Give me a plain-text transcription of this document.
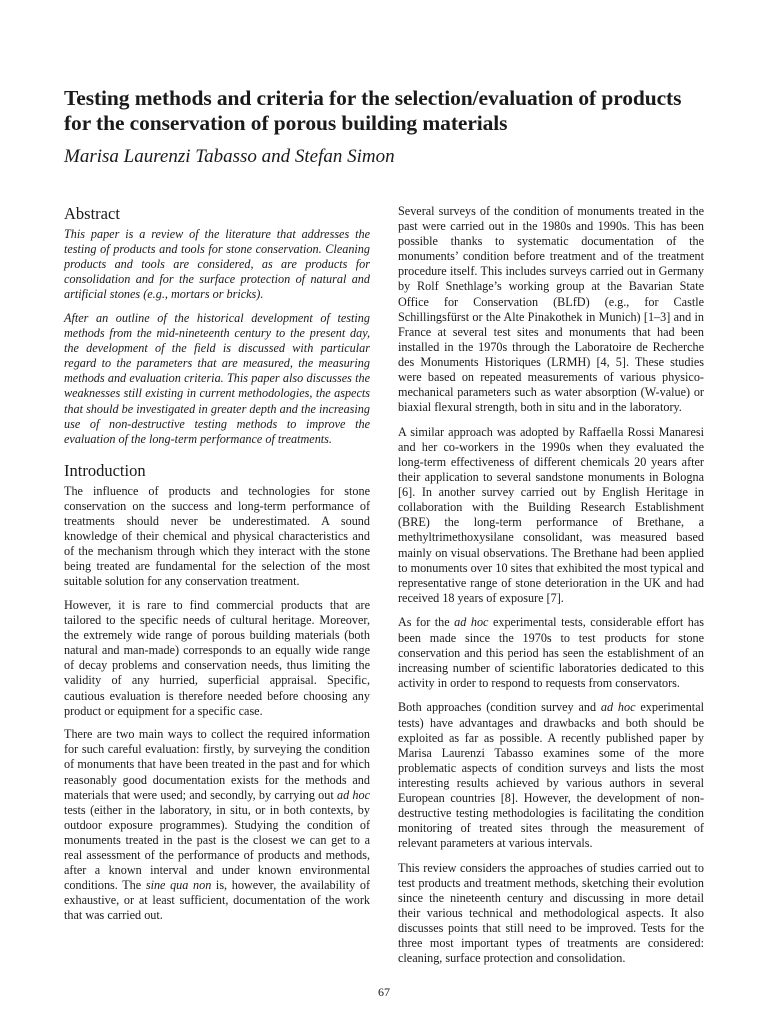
Testing methods and criteria for the selection/evaluation of products for the conservation of porous building materials
Marisa Laurenzi Tabasso and Stefan Simon
Abstract

This paper is a review of the literature that addresses the testing of products and tools for stone conservation. Cleaning products and tools are considered, as are products for consolidation and for the surface protection of natural and artificial stones (e.g., mortars or bricks).

After an outline of the historical development of testing methods from the mid-nineteenth century to the present day, the development of the field is discussed with particular regard to the parameters that are measured, the measuring methods and evaluation criteria. This paper also discusses the weaknesses still existing in current methodologies, the aspects that should be investigated in greater depth and the increasing use of non-destructive testing methods to improve the evaluation of the long-term performance of treatments.

Introduction

The influence of products and technologies for stone conservation on the success and long-term performance of treatments should never be underestimated. A sound knowledge of their chemical and physical characteristics and of the mechanism through which they interact with the stone being treated are fundamental for the selection of the most suitable solution for any conservation treatment.

However, it is rare to find commercial products that are tailored to the specific needs of cultural heritage. Moreover, the extremely wide range of porous building materials (both natural and man-made) corresponds to an equally wide range of decay problems and conservation needs, thus limiting the validity of any hurried, superficial appraisal. Specific, cautious evaluation is therefore needed before choosing any product or equipment for a specific case.

There are two main ways to collect the required information for such careful evaluation: firstly, by surveying the condition of monuments that have been treated in the past and for which reasonably good documentation exists for the methods and materials that were used; and secondly, by carrying out ad hoc tests (either in the laboratory, in situ, or in both contexts, by outdoor exposure programmes). Studying the condition of monuments treated in the past is the closest we can get to a real assessment of the performance of products and methods, after a known interval and under known environmental conditions. The sine qua non is, however, the availability of exhaustive, or at least sufficient, documentation of the work that was carried out.

Several surveys of the condition of monuments treated in the past were carried out in the 1980s and 1990s. This has been possible thanks to systematic documentation of the monuments’ condition before treatment and of the treatment procedure itself. This includes surveys carried out in Germany by Rolf Snethlage’s working group at the Bavarian State Office for Conservation (BLfD) (e.g., for Castle Schillingsfürst or the Alte Pinakothek in Munich) [1–3] and in France at several test sites and monuments that had been installed in the 1970s through the Laboratoire de Recherche des Monuments Historiques (LRMH) [4, 5]. These studies were based on repeated measurements of various physico-mechanical parameters such as water absorption (W-value) or biaxial flexural strength, both in situ and in the laboratory.

A similar approach was adopted by Raffaella Rossi Manaresi and her co-workers in the 1990s when they evaluated the long-term effectiveness of different chemicals 20 years after their application to several sandstone monuments in Bologna [6]. In another survey carried out by English Heritage in collaboration with the Building Research Establishment (BRE) the long-term performance of Brethane, a methyltrimethoxysilane consolidant, was measured based mainly on visual observations. The Brethane had been applied to monuments over 10 sites that exhibited the most typical and representative range of stone deterioration in the UK and had received 18 years of exposure [7].

As for the ad hoc experimental tests, considerable effort has been made since the 1970s to test products for stone conservation and this period has seen the establishment of an increasing number of scientific laboratories dedicated to this activity in order to respond to requests from conservators.

Both approaches (condition survey and ad hoc experimental tests) have advantages and drawbacks and both should be exploited as far as possible. A recently published paper by Marisa Laurenzi Tabasso examines some of the more problematic aspects of condition surveys and lists the most interesting results achieved by various authors in several European countries [8]. However, the development of non-destructive testing methodologies is facilitating the condition monitoring of treated sites through the measurement of relevant parameters at various intervals.

This review considers the approaches of studies carried out to test products and treatment methods, sketching their evolution since the nineteenth century and discussing in more detail their various technical and methodological aspects. It also discusses points that still need to be improved. Tests for the three most important types of treatments are considered: cleaning, surface protection and consolidation.

67
